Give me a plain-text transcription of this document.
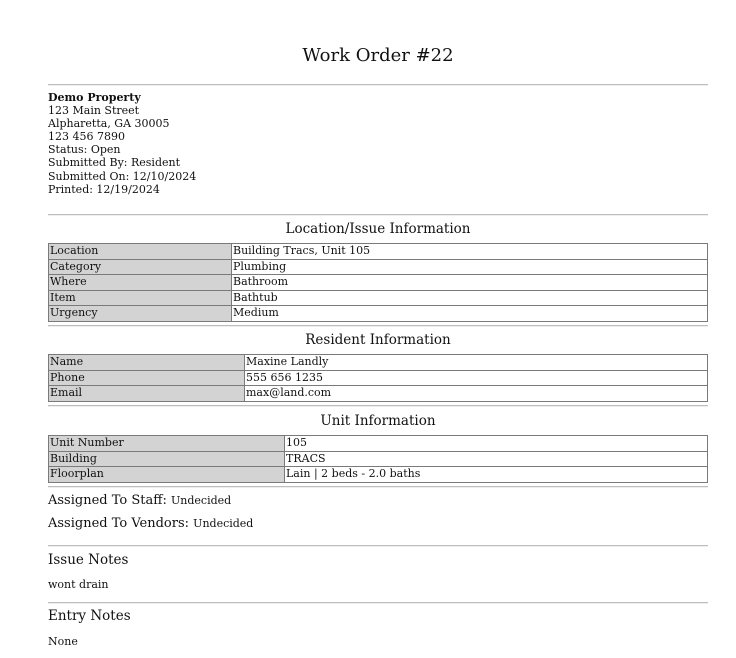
Work Order #22
Demo Property
123 Main Street
Alpharetta, GA 30005
123 456 7890
Status: Open
Submitted By: Resident
Submitted On: 12/10/2024
Printed: 12/19/2024
Location/Issue Information
Location	Building Tracs, Unit 105
Category	Plumbing
Where	Bathroom
Item	Bathtub
Urgency	Medium
Resident Information
Name	Maxine Landly
Phone	555 656 1235
Email	max@land.com
Unit Information
Unit Number	105
Building	TRACS
Floorplan	Lain | 2 beds - 2.0 baths
Assigned To Staff: Undecided
Assigned To Vendors: Undecided
Issue Notes
wont drain
Entry Notes
None
